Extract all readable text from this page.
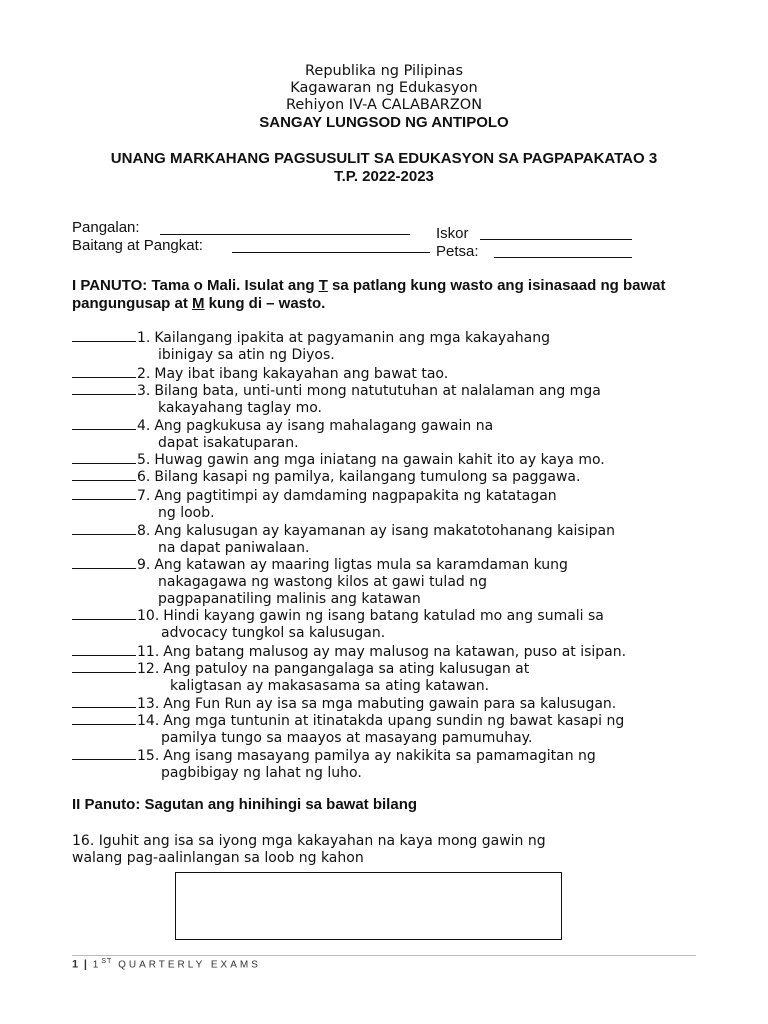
Republika ng Pilipinas
Kagawaran ng Edukasyon
Rehiyon IV-A CALABARZON
SANGAY LUNGSOD NG ANTIPOLO
UNANG MARKAHANG PAGSUSULIT SA EDUKASYON SA PAGPAPAKATAO 3
T.P. 2022-2023
Pangalan:	Iskor
Baitang at Pangkat:	Petsa:
I PANUTO: Tama o Mali. Isulat ang T sa patlang kung wasto ang isinasaad ng bawat pangungusap at M kung di – wasto.
1. Kailangang ipakita at pagyamanin ang mga kakayahang
ibinigay sa atin ng Diyos.
2. May ibat ibang kakayahan ang bawat tao.
3. Bilang bata, unti-unti mong natututuhan at nalalaman ang mga
kakayahang taglay mo.
4. Ang pagkukusa ay isang mahalagang gawain na
dapat isakatuparan.
5. Huwag gawin ang mga iniatang na gawain kahit ito ay kaya mo.
6. Bilang kasapi ng pamilya, kailangang tumulong sa paggawa.
7. Ang pagtitimpi ay damdaming nagpapakita ng katatagan
ng loob.
8. Ang kalusugan ay kayamanan ay isang makatotohanang kaisipan
na dapat paniwalaan.
9. Ang katawan ay maaring ligtas mula sa karamdaman kung
nakagagawa ng wastong kilos at gawi tulad ng
pagpapanatiling malinis ang katawan
10. Hindi kayang gawin ng isang batang katulad mo ang sumali sa
advocacy tungkol sa kalusugan.
11. Ang batang malusog ay may malusog na katawan, puso at isipan.
12. Ang patuloy na pangangalaga sa ating kalusugan at
kaligtasan ay makasasama sa ating katawan.
13. Ang Fun Run ay isa sa mga mabuting gawain para sa kalusugan.
14. Ang mga tuntunin at itinatakda upang sundin ng bawat kasapi ng
pamilya tungo sa maayos at masayang pamumuhay.
15. Ang isang masayang pamilya ay nakikita sa pamamagitan ng
pagbibigay ng lahat ng luho.
II Panuto: Sagutan ang hinihingi sa bawat bilang
16. Iguhit ang isa sa iyong mga kakayahan na kaya mong gawin ng
walang pag-aalinlangan sa loob ng kahon
1 | 1ST QUARTERLY EXAMS
